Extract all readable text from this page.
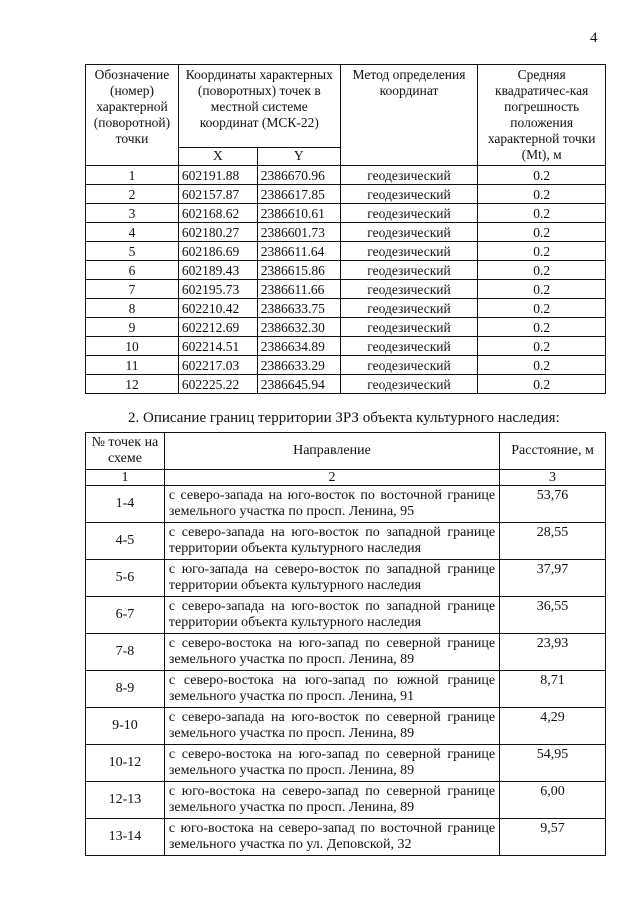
4
Обозначение (номер) характерной (поворотной) точки	Координаты характерных (поворотных) точек в местной системе координат (МСК-22)		Метод определения координат	Средняя квадратичес-кая погрешность положения характерной точки (Mt), м
	X	Y		
1	602191.88	2386670.96	геодезический	0.2
2	602157.87	2386617.85	геодезический	0.2
3	602168.62	2386610.61	геодезический	0.2
4	602180.27	2386601.73	геодезический	0.2
5	602186.69	2386611.64	геодезический	0.2
6	602189.43	2386615.86	геодезический	0.2
7	602195.73	2386611.66	геодезический	0.2
8	602210.42	2386633.75	геодезический	0.2
9	602212.69	2386632.30	геодезический	0.2
10	602214.51	2386634.89	геодезический	0.2
11	602217.03	2386633.29	геодезический	0.2
12	602225.22	2386645.94	геодезический	0.2
2. Описание границ территории ЗРЗ объекта культурного наследия:
№ точек на схеме	Направление	Расстояние, м
1	2	3
1-4	с северо-запада на юго-восток по восточной границе земельного участка по просп. Ленина, 95	53,76
4-5	с северо-запада на юго-восток по западной границе территории объекта культурного наследия	28,55
5-6	с юго-запада на северо-восток по западной границе территории объекта культурного наследия	37,97
6-7	с северо-запада на юго-восток по западной границе территории объекта культурного наследия	36,55
7-8	с северо-востока на юго-запад по северной границе земельного участка по просп. Ленина, 89	23,93
8-9	с северо-востока на юго-запад по южной границе земельного участка по просп. Ленина, 91	8,71
9-10	с северо-запада на юго-восток по северной границе земельного участка по просп. Ленина, 89	4,29
10-12	с северо-востока на юго-запад по северной границе земельного участка по просп. Ленина, 89	54,95
12-13	с юго-востока на северо-запад по северной границе земельного участка по просп. Ленина, 89	6,00
13-14	с юго-востока на северо-запад по восточной границе земельного участка по ул. Деповской, 32	9,57
